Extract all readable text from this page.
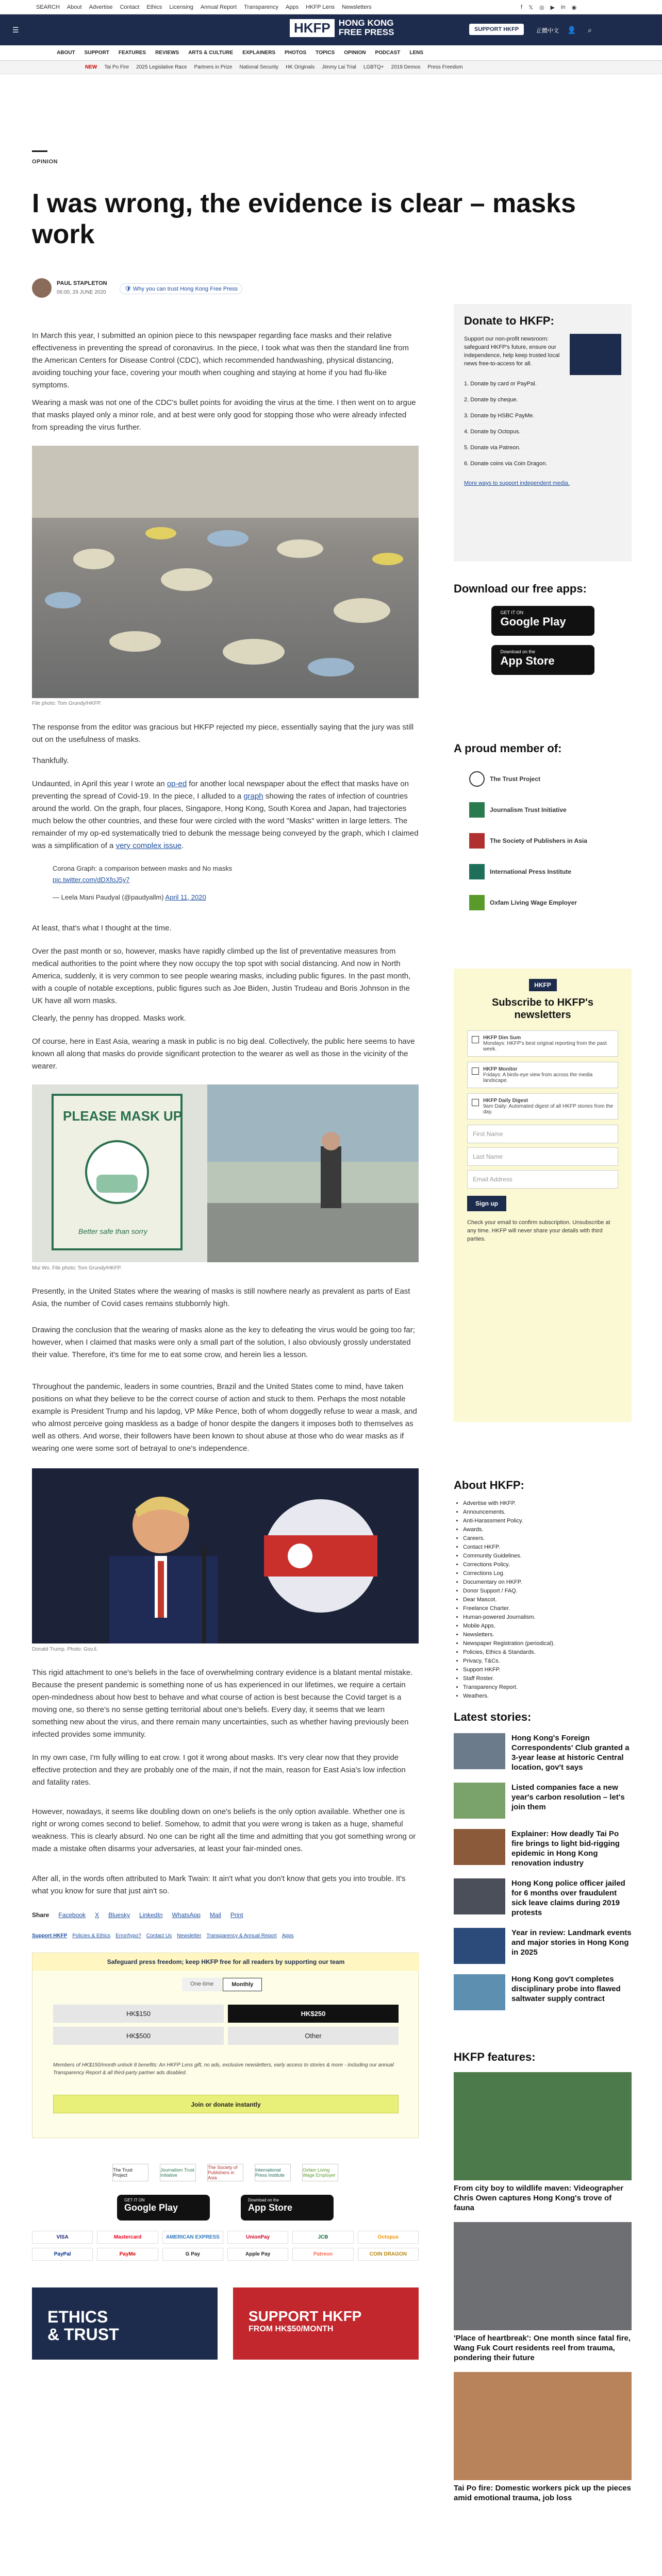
SEARCH About Advertise Contact Ethics Licensing Annual Report Transparency Apps HKFP Lens Newsletters	f 𝕏 ◎ ▶ in ◉
☰	HKFP HONG KONG
FREE PRESS	SUPPORT HKFP	正體中文 👤 ⌕
ABOUT SUPPORT FEATURES REVIEWS ARTS & CULTURE EXPLAINERS PHOTOS TOPICS OPINION PODCAST LENS
NEW Tai Po Fire 2025 Legislative Race Partners in Prize National Security HK Originals Jimmy Lai Trial LGBTQ+ 2019 Demos Press Freedom
OPINION
I was wrong, the evidence is clear – masks work
PAUL STAPLETON
06:00, 29 JUNE 2020
🛡 Why you can trust Hong Kong Free Press

In March this year, I submitted an opinion piece to this newspaper regarding face masks and their relative effectiveness in preventing the spread of coronavirus. In the piece, I took what was then the standard line from the American Centers for Disease Control (CDC), which recommended handwashing, physical distancing, avoiding touching your face, covering your mouth when coughing and staying at home if you had flu-like symptoms.

Wearing a mask was not one of the CDC's bullet points for avoiding the virus at the time. I then went on to argue that masks played only a minor role, and at best were only good for stopping those who were already infected from spreading the virus further.

File photo: Tom Grundy/HKFP.

The response from the editor was gracious but HKFP rejected my piece, essentially saying that the jury was still out on the usefulness of masks.

Thankfully.

Undaunted, in April this year I wrote an op-ed for another local newspaper about the effect that masks have on preventing the spread of Covid-19. In the piece, I alluded to a graph showing the rates of infection of countries around the world. On the graph, four places, Singapore, Hong Kong, South Korea and Japan, had trajectories much below the other countries, and these four were circled with the word "Masks" written in large letters. The remainder of my op-ed systematically tried to debunk the message being conveyed by the graph, which I claimed was a simplification of a very complex issue.

Corona Graph: a comparison between masks and No masks
pic.twitter.com/dDXfoJ5y7
— Leela Mani Paudyal (@paudyallm) April 11, 2020

At least, that's what I thought at the time.

Over the past month or so, however, masks have rapidly climbed up the list of preventative measures from medical authorities to the point where they now occupy the top spot with social distancing. And now in North America, suddenly, it is very common to see people wearing masks, including public figures. In the past month, with a couple of notable exceptions, public figures such as Joe Biden, Justin Trudeau and Boris Johnson in the UK have all worn masks.

Clearly, the penny has dropped. Masks work.

Of course, here in East Asia, wearing a mask in public is no big deal. Collectively, the public here seems to have known all along that masks do provide significant protection to the wearer as well as those in the vicinity of the wearer.

PLEASE MASK UP
Better safe than sorry
Mui Wo. File photo: Tom Grundy/HKFP.

Presently, in the United States where the wearing of masks is still nowhere nearly as prevalent as parts of East Asia, the number of Covid cases remains stubbornly high.

Drawing the conclusion that the wearing of masks alone as the key to defeating the virus would be going too far; however, when I claimed that masks were only a small part of the solution, I also obviously grossly understated their value. Therefore, it's time for me to eat some crow, and herein lies a lesson.

Throughout the pandemic, leaders in some countries, Brazil and the United States come to mind, have taken positions on what they believe to be the correct course of action and stuck to them. Perhaps the most notable example is President Trump and his lapdog, VP Mike Pence, both of whom doggedly refuse to wear a mask, and who almost perceive going maskless as a badge of honor despite the dangers it imposes both to themselves as well as others. And worse, their followers have been known to shout abuse at those who do wear masks as if wearing one were some sort of betrayal to one's independence.

Donald Trump. Photo: Gov.il.

This rigid attachment to one's beliefs in the face of overwhelming contrary evidence is a blatant mental mistake. Because the present pandemic is something none of us has experienced in our lifetimes, we require a certain open-mindedness about how best to behave and what course of action is best because the Covid target is a moving one, so there's no sense getting territorial about one's beliefs. Every day, it seems that we learn something new about the virus, and there remain many uncertainties, such as whether having previously been infected provides some immunity.

In my own case, I'm fully willing to eat crow. I got it wrong about masks. It's very clear now that they provide effective protection and they are probably one of the main, if not the main, reason for East Asia's low infection and fatality rates.

However, nowadays, it seems like doubling down on one's beliefs is the only option available. Whether one is right or wrong comes second to belief. Somehow, to admit that you were wrong is taken as a huge, shameful weakness. This is clearly absurd. No one can be right all the time and admitting that you got something wrong or made a mistake often disarms your adversaries, at least your fair-minded ones.

After all, in the words often attributed to Mark Twain: It ain't what you don't know that gets you into trouble. It's what you know for sure that just ain't so.

Share Facebook X Bluesky LinkedIn WhatsApp Mail Print
Support HKFP Policies & Ethics Error/typo? Contact Us Newsletter Transparency & Annual Report Apps
Safeguard press freedom; keep HKFP free for all readers by supporting our team
One-time	Monthly
HK$150	HK$250
HK$500	Other
Members of HK$150/month unlock 8 benefits: An HKFP Lens gift, no ads, exclusive newsletters, early access to stories & more - including our annual Transparency Report & all third-party partner ads disabled.
Join or donate instantly
The Trust Project
Journalism Trust Initiative
The Society of Publishers in Asia
International Press Institute
Oxfam Living Wage Employer
GET IT ON
Google Play
Download on the
App Store
VISA	Mastercard	AMERICAN EXPRESS	UnionPay	JCB	Octopus
PayPal	PayMe	G Pay	Apple Pay	Patreon	COIN DRAGON
ETHICS
& TRUST
SUPPORT HKFP
FROM HK$50/MONTH
Donate to HKFP:

Support our non-profit newsroom: safeguard HKFP's future, ensure our independence, help keep trusted local news free-to-access for all.

1. Donate by card or PayPal.
2. Donate by cheque.
3. Donate by HSBC PayMe.
4. Donate by Octopus.
5. Donate via Patreon.
6. Donate coins via Coin Dragon.
More ways to support independent media.
Download our free apps:
GET IT ON
Google Play
Download on the
App Store
A proud member of:
The Trust Project
Journalism Trust Initiative
The Society of Publishers in Asia
International Press Institute
Oxfam Living Wage Employer
HKFP
Subscribe to HKFP's newsletters
HKFP Dim Sum
Mondays: HKFP's best original reporting from the past week.
HKFP Monitor
Fridays: A birds-eye view from across the media landscape.
HKFP Daily Digest
9am Daily: Automated digest of all HKFP stories from the day.
First Name
Last Name
Email Address
Sign up

Check your email to confirm subscription. Unsubscribe at any time. HKFP will never share your details with third parties.

About HKFP:
• Advertise with HKFP.
• Announcements.
• Anti-Harassment Policy.
• Awards.
• Careers.
• Contact HKFP.
• Community Guidelines.
• Corrections Policy.
• Corrections Log.
• Documentary on HKFP.
• Donor Support / FAQ.
• Dear Mascot.
• Freelance Charter.
• Human-powered Journalism.
• Mobile Apps.
• Newsletters.
• Newspaper Registration (periodical).
• Policies, Ethics & Standards.
• Privacy, T&Cs.
• Support HKFP.
• Staff Roster.
• Transparency Report.
• Weathers.
Latest stories:
Hong Kong's Foreign Correspondents' Club granted a 3-year lease at historic Central location, gov't says
Listed companies face a new year's carbon resolution – let's join them
Explainer: How deadly Tai Po fire brings to light bid-rigging epidemic in Hong Kong renovation industry
Hong Kong police officer jailed for 6 months over fraudulent sick leave claims during 2019 protests
Year in review: Landmark events and major stories in Hong Kong in 2025
Hong Kong gov't completes disciplinary probe into flawed saltwater supply contract
HKFP features:
From city boy to wildlife maven: Videographer Chris Owen captures Hong Kong's trove of fauna
'Place of heartbreak': One month since fatal fire, Wang Fuk Court residents reel from trauma, pondering their future
Tai Po fire: Domestic workers pick up the pieces amid emotional trauma, job loss
